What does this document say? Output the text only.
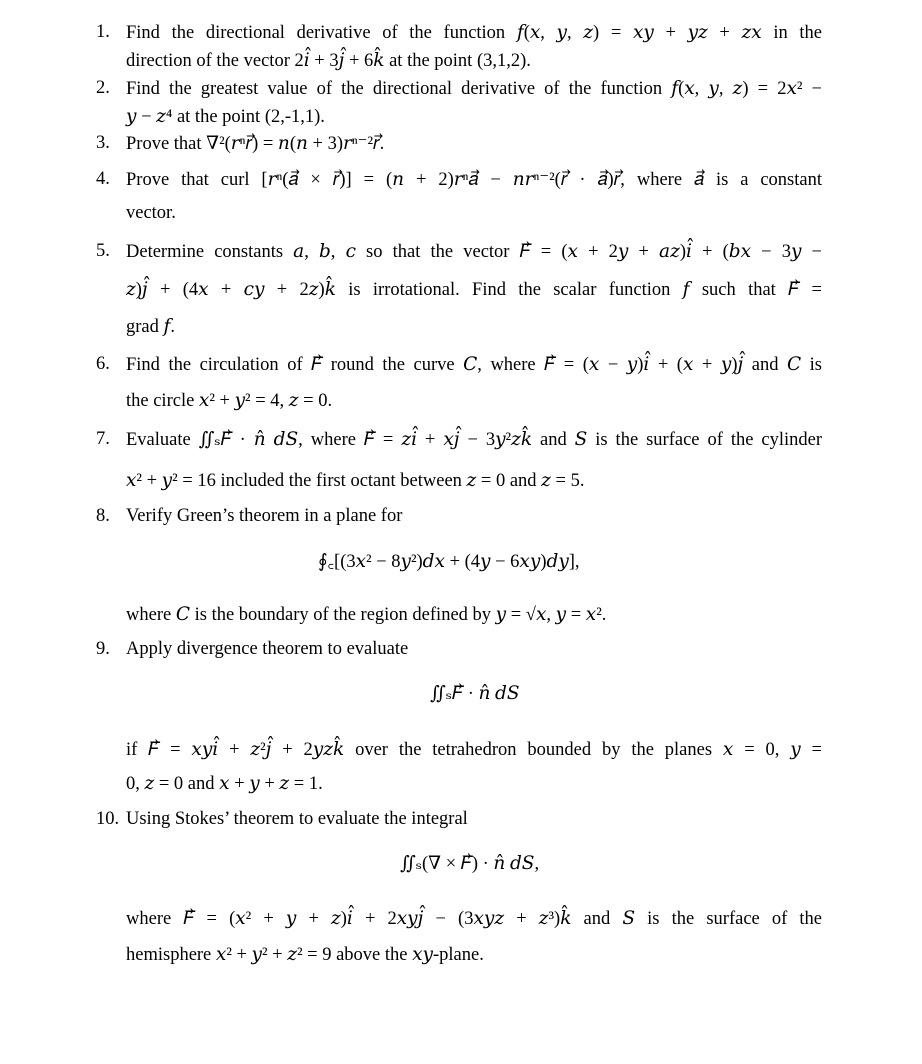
1. Find the directional derivative of the function 𝑓(𝑥, 𝑦, 𝑧) = 𝑥𝑦 + 𝑦𝑧 + 𝑧𝑥 in the
direction of the vector 2𝑖̂ + 3𝑗̂ + 6𝑘̂ at the point (3,1,2).
2. Find the greatest value of the directional derivative of the function 𝑓(𝑥, 𝑦, 𝑧) = 2𝑥² −
𝑦 − 𝑧⁴ at the point (2,-1,1).
3. Prove that ∇²(𝑟ⁿ𝑟⃗) = 𝑛(𝑛 + 3)𝑟ⁿ⁻²𝑟⃗.
4. Prove that curl [𝑟ⁿ(𝑎⃗ × 𝑟⃗)] = (𝑛 + 2)𝑟ⁿ𝑎⃗ − 𝑛𝑟ⁿ⁻²(𝑟⃗ · 𝑎⃗)𝑟⃗, where 𝑎⃗ is a constant
vector.
5. Determine constants 𝑎, 𝑏, 𝑐 so that the vector 𝐹⃗ = (𝑥 + 2𝑦 + 𝑎𝑧)𝑖̂ + (𝑏𝑥 − 3𝑦 −
𝑧)𝑗̂ + (4𝑥 + 𝑐𝑦 + 2𝑧)𝑘̂ is irrotational. Find the scalar function 𝑓 such that 𝐹⃗ =
grad 𝑓.
6. Find the circulation of 𝐹⃗ round the curve 𝐶, where 𝐹⃗ = (𝑥 − 𝑦)𝑖̂ + (𝑥 + 𝑦)𝑗̂ and 𝐶 is
the circle 𝑥² + 𝑦² = 4, 𝑧 = 0.
7. Evaluate ∬ₛ𝐹⃗ · 𝑛̂ 𝑑𝑆, where 𝐹⃗ = 𝑧𝑖̂ + 𝑥𝑗̂ − 3𝑦²𝑧𝑘̂ and 𝑆 is the surface of the cylinder
𝑥² + 𝑦² = 16 included the first octant between 𝑧 = 0 and 𝑧 = 5.
8. Verify Green’s theorem in a plane for
where 𝐶 is the boundary of the region defined by 𝑦 = √𝑥, 𝑦 = 𝑥².
∮꜀[(3𝑥² − 8𝑦²)𝑑𝑥 + (4𝑦 − 6𝑥𝑦)𝑑𝑦],
9. Apply divergence theorem to evaluate
if 𝐹⃗ = 𝑥𝑦𝑖̂ + 𝑧²𝑗̂ + 2𝑦𝑧𝑘̂ over the tetrahedron bounded by the planes 𝑥 = 0, 𝑦 =
0, 𝑧 = 0 and 𝑥 + 𝑦 + 𝑧 = 1.
∬ₛ𝐹⃗ · 𝑛̂ 𝑑𝑆
10. Using Stokes’ theorem to evaluate the integral
where 𝐹⃗ = (𝑥² + 𝑦 + 𝑧)𝑖̂ + 2𝑥𝑦𝑗̂ − (3𝑥𝑦𝑧 + 𝑧³)𝑘̂ and 𝑆 is the surface of the
hemisphere 𝑥² + 𝑦² + 𝑧² = 9 above the 𝑥𝑦-plane.
∬ₛ(∇ × 𝐹⃗) · 𝑛̂ 𝑑𝑆,
